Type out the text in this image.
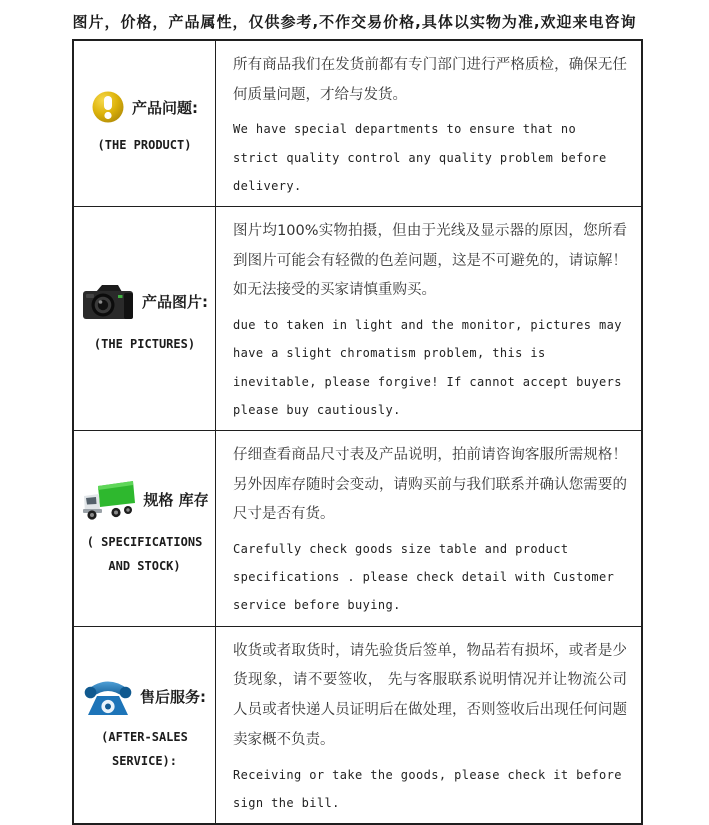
图片，价格，产品属性，仅供参考,不作交易价格,具体以实物为准,欢迎来电咨询
产品问题:
(THE PRODUCT)

所有商品我们在发货前都有专门部门进行严格质检，确保无任何质量问题，才给与发货。

We have special departments to ensure that no strict quality control any quality problem before delivery.

产品图片:
(THE PICTURES)

图片均100%实物拍摄，但由于光线及显示器的原因，您所看到图片可能会有轻微的色差问题，这是不可避免的，请谅解！如无法接受的买家请慎重购买。

due to taken in light and the monitor, pictures may have a slight chromatism problem, this is inevitable, please forgive! If cannot accept buyers please buy cautiously.

规格 库存
( SPECIFICATIONS AND STOCK)

仔细查看商品尺寸表及产品说明，拍前请咨询客服所需规格！另外因库存随时会变动，请购买前与我们联系并确认您需要的尺寸是否有货。

Carefully check goods size table and product specifications . please check detail with Customer service before buying.

售后服务:
(AFTER-SALES SERVICE):

收货或者取货时，请先验货后签单，物品若有损坏，或者是少货现象，请不要签收， 先与客服联系说明情况并让物流公司人员或者快递人员证明后在做处理，否则签收后出现任何问题卖家概不负责。

Receiving or take the goods, please check it before sign the bill.
